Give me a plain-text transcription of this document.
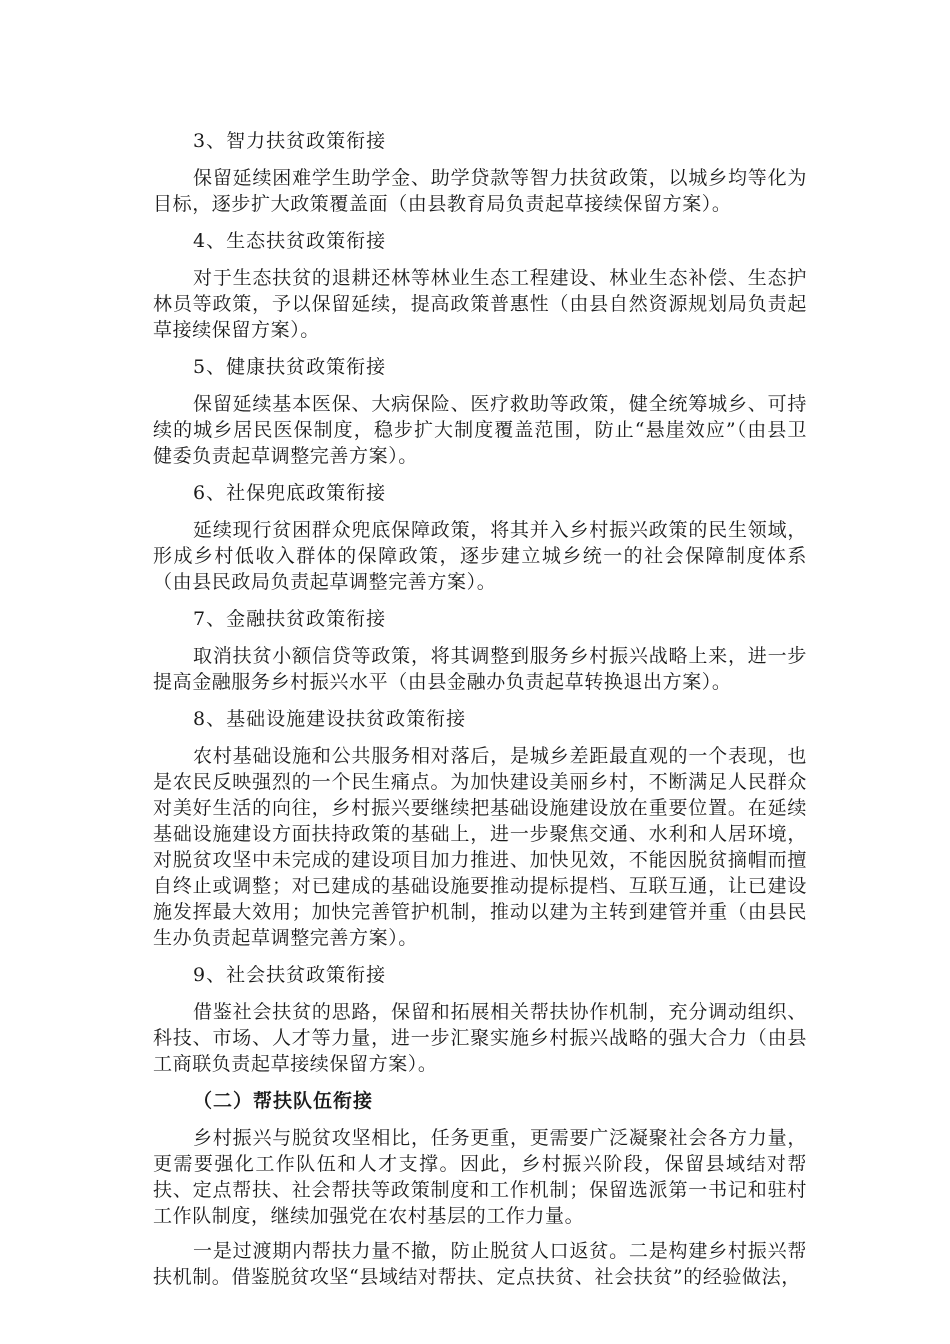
3、智力扶贫政策衔接
保留延续困难学生助学金、助学贷款等智力扶贫政策，以城乡均等化为目标，逐步扩大政策覆盖面（由县教育局负责起草接续保留方案）。
4、生态扶贫政策衔接
对于生态扶贫的退耕还林等林业生态工程建设、林业生态补偿、生态护林员等政策，予以保留延续，提高政策普惠性（由县自然资源规划局负责起草接续保留方案）。
5、健康扶贫政策衔接
保留延续基本医保、大病保险、医疗救助等政策，健全统筹城乡、可持续的城乡居民医保制度，稳步扩大制度覆盖范围，防止“悬崖效应”（由县卫健委负责起草调整完善方案）。
6、社保兜底政策衔接
延续现行贫困群众兜底保障政策，将其并入乡村振兴政策的民生领域，形成乡村低收入群体的保障政策，逐步建立城乡统一的社会保障制度体系（由县民政局负责起草调整完善方案）。
7、金融扶贫政策衔接
取消扶贫小额信贷等政策，将其调整到服务乡村振兴战略上来，进一步提高金融服务乡村振兴水平（由县金融办负责起草转换退出方案）。
8、基础设施建设扶贫政策衔接
农村基础设施和公共服务相对落后，是城乡差距最直观的一个表现，也是农民反映强烈的一个民生痛点。为加快建设美丽乡村，不断满足人民群众对美好生活的向往，乡村振兴要继续把基础设施建设放在重要位置。在延续基础设施建设方面扶持政策的基础上，进一步聚焦交通、水利和人居环境，对脱贫攻坚中未完成的建设项目加力推进、加快见效，不能因脱贫摘帽而擅自终止或调整；对已建成的基础设施要推动提标提档、互联互通，让已建设施发挥最大效用；加快完善管护机制，推动以建为主转到建管并重（由县民生办负责起草调整完善方案）。
9、社会扶贫政策衔接
借鉴社会扶贫的思路，保留和拓展相关帮扶协作机制，充分调动组织、科技、市场、人才等力量，进一步汇聚实施乡村振兴战略的强大合力（由县工商联负责起草接续保留方案）。
（二）帮扶队伍衔接
乡村振兴与脱贫攻坚相比，任务更重，更需要广泛凝聚社会各方力量，更需要强化工作队伍和人才支撑。因此，乡村振兴阶段，保留县域结对帮扶、定点帮扶、社会帮扶等政策制度和工作机制；保留选派第一书记和驻村工作队制度，继续加强党在农村基层的工作力量。
一是过渡期内帮扶力量不撤，防止脱贫人口返贫。二是构建乡村振兴帮扶机制。借鉴脱贫攻坚“县域结对帮扶、定点扶贫、社会扶贫”的经验做法，
